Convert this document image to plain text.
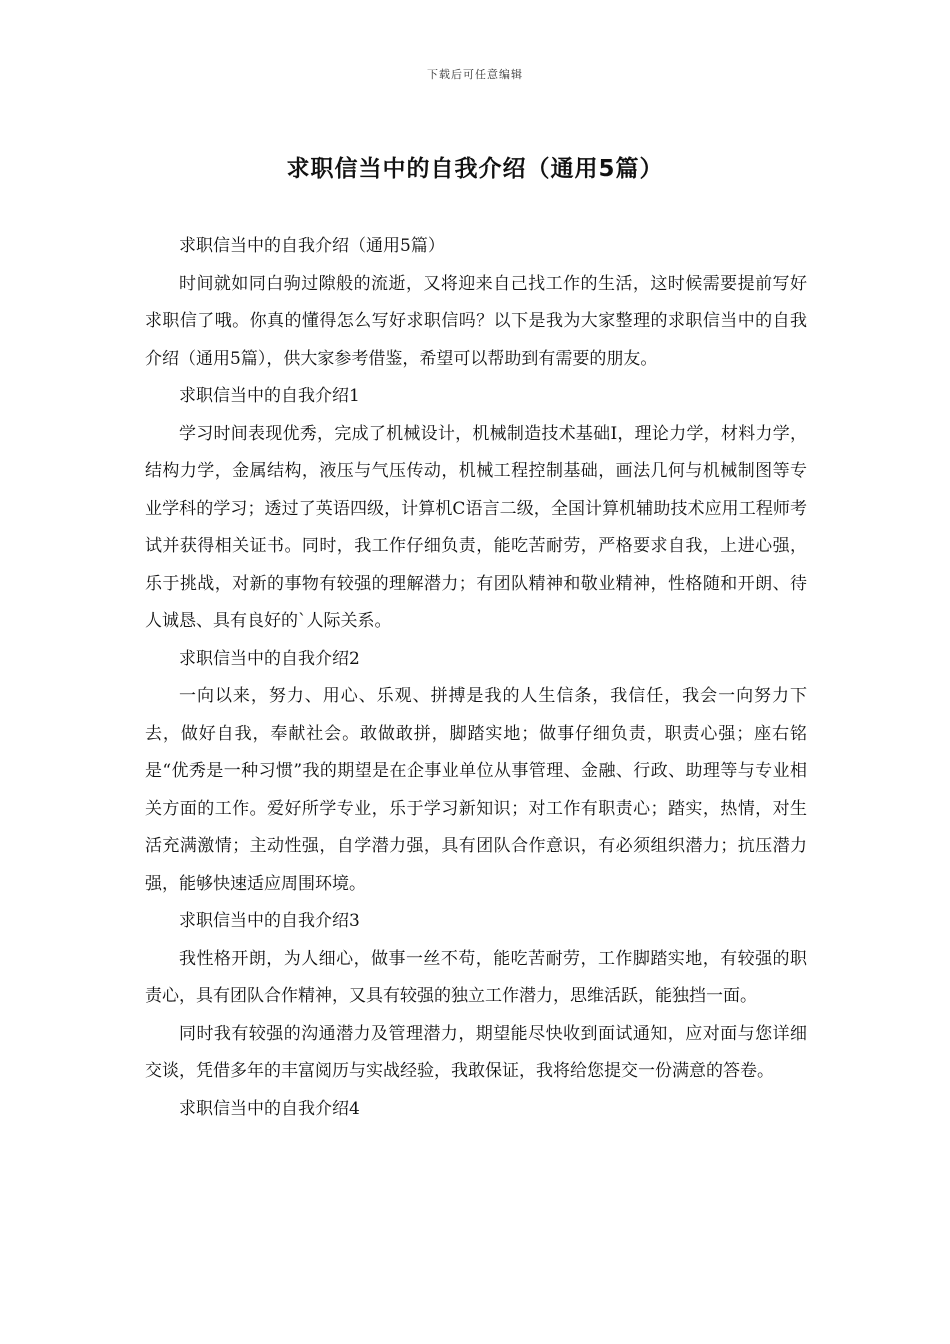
下载后可任意编辑
求职信当中的自我介绍（通用5篇）

求职信当中的自我介绍（通用5篇）

时间就如同白驹过隙般的流逝，又将迎来自己找工作的生活，这时候需要提前写好求职信了哦。你真的懂得怎么写好求职信吗？以下是我为大家整理的求职信当中的自我介绍（通用5篇），供大家参考借鉴，希望可以帮助到有需要的朋友。

求职信当中的自我介绍1

学习时间表现优秀，完成了机械设计，机械制造技术基础Ⅰ，理论力学，材料力学，结构力学，金属结构，液压与气压传动，机械工程控制基础，画法几何与机械制图等专业学科的学习；透过了英语四级，计算机C语言二级，全国计算机辅助技术应用工程师考试并获得相关证书。同时，我工作仔细负责，能吃苦耐劳，严格要求自我，上进心强，乐于挑战，对新的事物有较强的理解潜力；有团队精神和敬业精神，性格随和开朗、待人诚恳、具有良好的`人际关系。

求职信当中的自我介绍2

一向以来，努力、用心、乐观、拼搏是我的人生信条，我信任，我会一向努力下去，做好自我，奉献社会。敢做敢拼，脚踏实地；做事仔细负责，职责心强；座右铭是“优秀是一种习惯”我的期望是在企事业单位从事管理、金融、行政、助理等与专业相关方面的工作。爱好所学专业，乐于学习新知识；对工作有职责心；踏实，热情，对生活充满激情；主动性强，自学潜力强，具有团队合作意识，有必须组织潜力；抗压潜力强，能够快速适应周围环境。

求职信当中的自我介绍3

我性格开朗，为人细心，做事一丝不苟，能吃苦耐劳，工作脚踏实地，有较强的职责心，具有团队合作精神，又具有较强的独立工作潜力，思维活跃，能独挡一面。

同时我有较强的沟通潜力及管理潜力，期望能尽快收到面试通知，应对面与您详细交谈，凭借多年的丰富阅历与实战经验，我敢保证，我将给您提交一份满意的答卷。

求职信当中的自我介绍4
